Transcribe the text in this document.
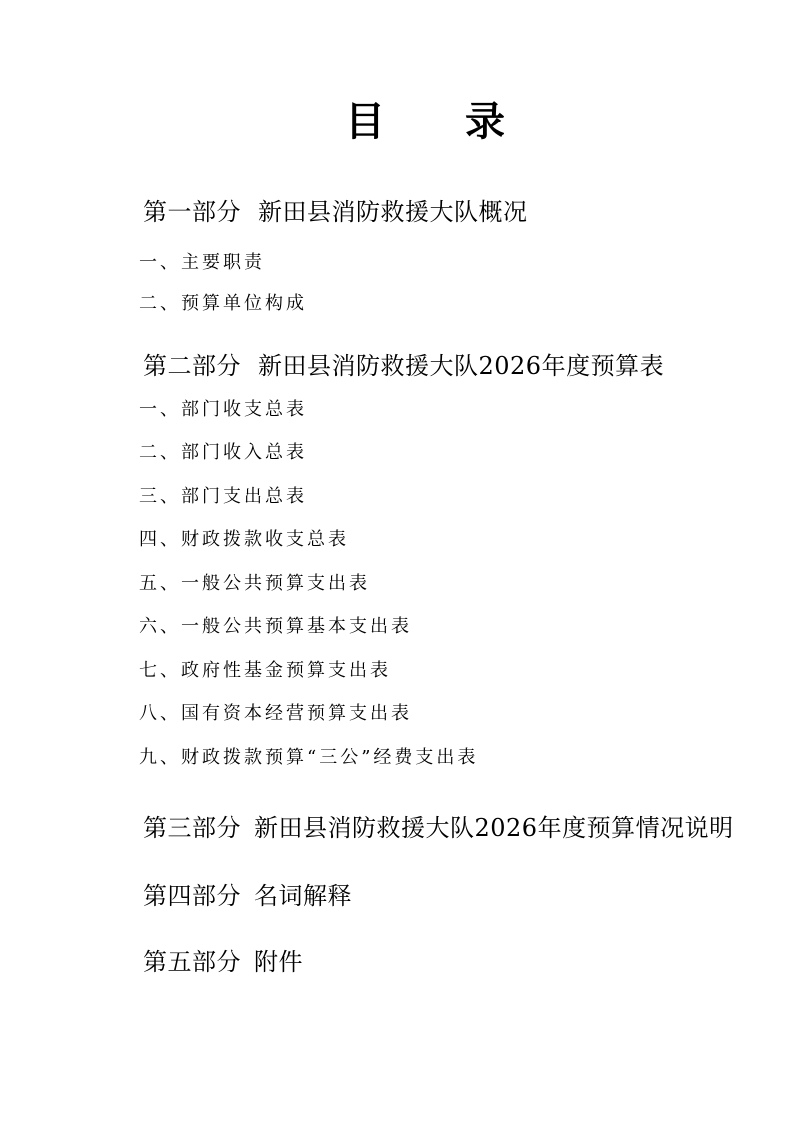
目　　录
第一部分 新田县消防救援大队概况
一、主要职责
二、预算单位构成
第二部分 新田县消防救援大队2026年度预算表
一、部门收支总表
二、部门收入总表
三、部门支出总表
四、财政拨款收支总表
五、一般公共预算支出表
六、一般公共预算基本支出表
七、政府性基金预算支出表
八、国有资本经营预算支出表
九、财政拨款预算“三公”经费支出表
第三部分 新田县消防救援大队2026年度预算情况说明
第四部分 名词解释
第五部分 附件
